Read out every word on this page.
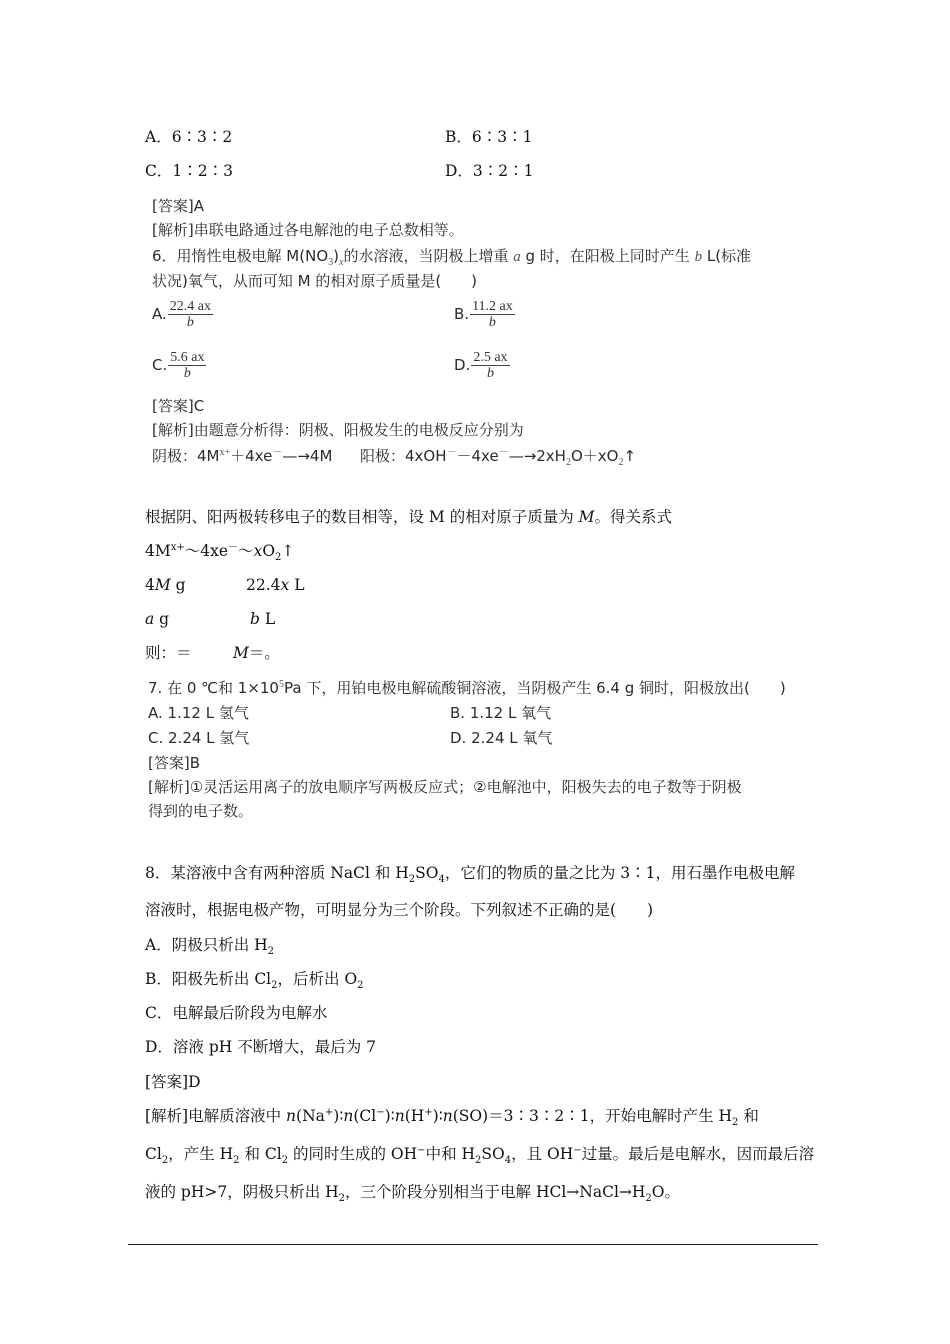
A．6∶3∶2	B．6∶3∶1
C．1∶2∶3	D．3∶2∶1
[答案]A
[解析]串联电路通过各电解池的电子总数相等。
6．用惰性电极电解 $M(NO_3)_x$的水溶液，当阴极上增重 a g 时，在阳极上同时产生 b L(标准
状况)氧气，从而可知 M 的相对原子质量是(　　)
A. $\frac{22.4 ax}{b}$	B. $\frac{11.2 ax}{b}$
C. $\frac{5.6 ax}{b}$	D. $\frac{2.5 ax}{b}$
[答案]C
[解析]由题意分析得：阴极、阳极发生的电极反应分别为
阴极：$4M^{x+}+4xe^-—\to 4M$ 阳极：$4xOH^--4xe^-—\to 2xH_2O+xO_2↑$
根据阴、阳两极转移电子的数目相等，设 M 的相对原子质量为 M。得关系式
$4M^{x+}\sim 4xe^-\sim xO_2↑$
4M g	22.4x L
a g	b L
则：＝　M＝。
7. 在 0 ℃和 $1\times 10^5Pa$ 下，用铂电极电解硫酸铜溶液，当阴极产生 6.4 g 铜时，阳极放出(　　)
A. 1.12 L 氢气	B. 1.12 L 氧气
C. 2.24 L 氢气	D. 2.24 L 氧气
[答案]B
[解析]①灵活运用离子的放电顺序写两极反应式；②电解池中，阳极失去的电子数等于阴极
得到的电子数。
8．某溶液中含有两种溶质 NaCl 和 $H_2SO_4$，它们的物质的量之比为 3∶1，用石墨作电极电解
溶液时，根据电极产物，可明显分为三个阶段。下列叙述不正确的是(　　)
A．阴极只析出 $H_2$
B．阳极先析出 $Cl_2$，后析出 $O_2$
C．电解最后阶段为电解水
D．溶液 pH 不断增大，最后为 7
[答案]D
[解析]电解质溶液中 n(Na+)∶n(Cl−)∶n(H+)∶n(SO)＝3∶3∶2∶1，开始电解时产生 $H_2$ 和
$Cl_2$，产生 $H_2$ 和 $Cl_2$ 的同时生成的 OH−中和 $H_2SO_4$，且 OH−过量。最后是电解水，因而最后溶
液的 pH>7，阴极只析出 $H_2$，三个阶段分别相当于电解 $HCl\to NaCl\to H_2O$。
